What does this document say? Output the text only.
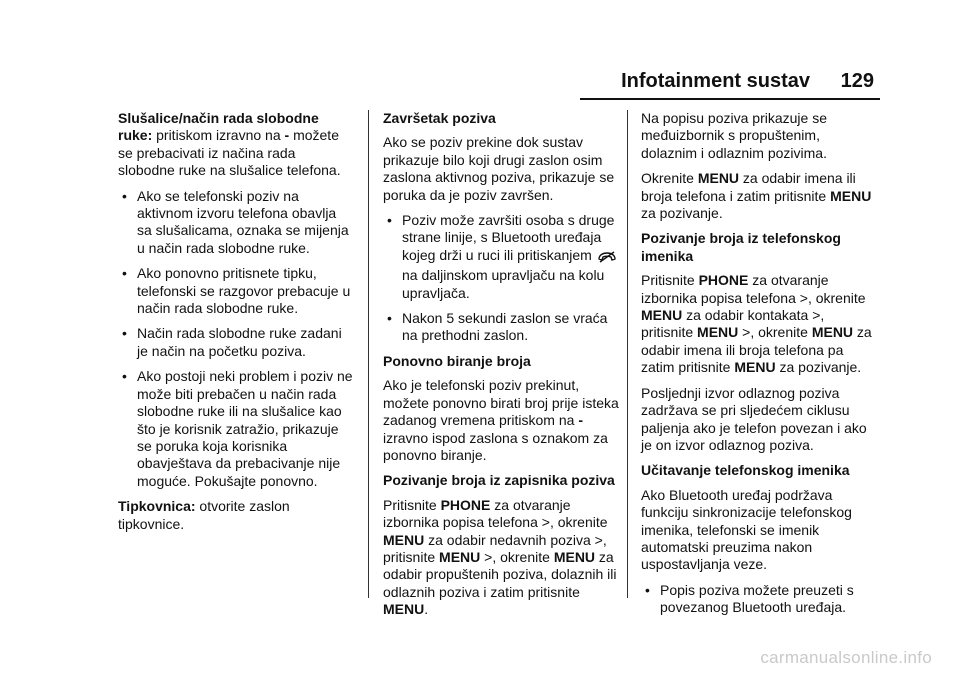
Infotainment sustav 129

Slušalice/način rada slobodne ruke: pritiskom izravno na - možete se prebacivati iz načina rada slobodne ruke na slušalice telefona.

• Ako se telefonski poziv na aktivnom izvoru telefona obavlja sa slušalicama, oznaka se mijenja u način rada slobodne ruke.
• Ako ponovno pritisnete tipku, telefonski se razgovor prebacuje u način rada slobodne ruke.
• Način rada slobodne ruke zadani je način na početku poziva.
• Ako postoji neki problem i poziv ne može biti prebačen u način rada slobodne ruke ili na slušalice kao što je korisnik zatražio, prikazuje se poruka koja korisnika obavještava da prebacivanje nije moguće. Pokušajte ponovno.

Tipkovnica: otvorite zaslon tipkovnice.

Završetak poziva

Ako se poziv prekine dok sustav prikazuje bilo koji drugi zaslon osim zaslona aktivnog poziva, prikazuje se poruka da je poziv završen.

• Poziv može završiti osoba s druge strane linije, s Bluetooth uređaja kojeg drži u ruci ili pritiskanjem  na daljinskom upravljaču na kolu upravljača.
• Nakon 5 sekundi zaslon se vraća na prethodni zaslon.

Ponovno biranje broja

Ako je telefonski poziv prekinut, možete ponovno birati broj prije isteka zadanog vremena pritiskom na - izravno ispod zaslona s oznakom za ponovno biranje.

Pozivanje broja iz zapisnika poziva

Pritisnite PHONE za otvaranje izbornika popisa telefona >, okrenite MENU za odabir nedavnih poziva >, pritisnite MENU >, okrenite MENU za odabir propuštenih poziva, dolaznih ili odlaznih poziva i zatim pritisnite MENU.

Na popisu poziva prikazuje se međuizbornik s propuštenim, dolaznim i odlaznim pozivima.

Okrenite MENU za odabir imena ili broja telefona i zatim pritisnite MENU za pozivanje.

Pozivanje broja iz telefonskog imenika

Pritisnite PHONE za otvaranje izbornika popisa telefona >, okrenite MENU za odabir kontakata >, pritisnite MENU >, okrenite MENU za odabir imena ili broja telefona pa zatim pritisnite MENU za pozivanje.

Posljednji izvor odlaznog poziva zadržava se pri sljedećem ciklusu paljenja ako je telefon povezan i ako je on izvor odlaznog poziva.

Učitavanje telefonskog imenika

Ako Bluetooth uređaj podržava funkciju sinkronizacije telefonskog imenika, telefonski se imenik automatski preuzima nakon uspostavljanja veze.

• Popis poziva možete preuzeti s povezanog Bluetooth uređaja.
carmanualsonline.info
